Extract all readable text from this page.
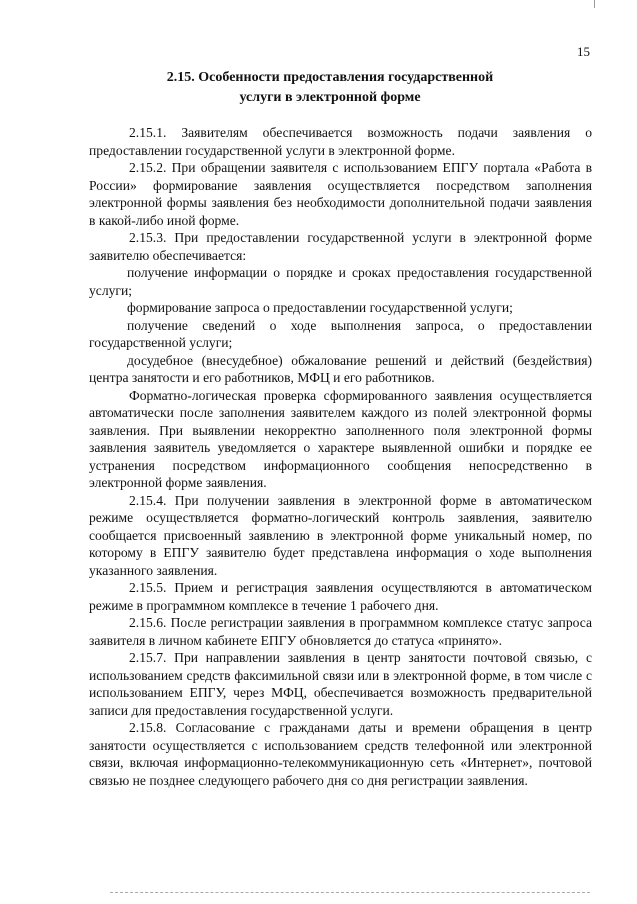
15
2.15. Особенности предоставления государственной
услуги в электронной форме

2.15.1. Заявителям обеспечивается возможность подачи заявления о предоставлении государственной услуги в электронной форме.

2.15.2. При обращении заявителя с использованием ЕПГУ портала «Работа в России» формирование заявления осуществляется посредством заполнения электронной формы заявления без необходимости дополнительной подачи заявления в какой-либо иной форме.

2.15.3. При предоставлении государственной услуги в электронной форме заявителю обеспечивается:

получение информации о порядке и сроках предоставления государственной услуги;

формирование запроса о предоставлении государственной услуги;

получение сведений о ходе выполнения запроса, о предоставлении государственной услуги;

досудебное (внесудебное) обжалование решений и действий (бездействия) центра занятости и его работников, МФЦ и его работников.

Форматно-логическая проверка сформированного заявления осуществляется автоматически после заполнения заявителем каждого из полей электронной формы заявления. При выявлении некорректно заполненного поля электронной формы заявления заявитель уведомляется о характере выявленной ошибки и порядке ее устранения посредством информационного сообщения непосредственно в электронной форме заявления.

2.15.4. При получении заявления в электронной форме в автоматическом режиме осуществляется форматно-логический контроль заявления, заявителю сообщается присвоенный заявлению в электронной форме уникальный номер, по которому в ЕПГУ заявителю будет представлена информация о ходе выполнения указанного заявления.

2.15.5. Прием и регистрация заявления осуществляются в автоматическом режиме в программном комплексе в течение 1 рабочего дня.

2.15.6. После регистрации заявления в программном комплексе статус запроса заявителя в личном кабинете ЕПГУ обновляется до статуса «принято».

2.15.7. При направлении заявления в центр занятости почтовой связью, с использованием средств факсимильной связи или в электронной форме, в том числе с использованием ЕПГУ, через МФЦ, обеспечивается возможность предварительной записи для предоставления государственной услуги.

2.15.8. Согласование с гражданами даты и времени обращения в центр занятости осуществляется с использованием средств телефонной или электронной связи, включая информационно-телекоммуникационную сеть «Интернет», почтовой связью не позднее следующего рабочего дня со дня регистрации заявления.
